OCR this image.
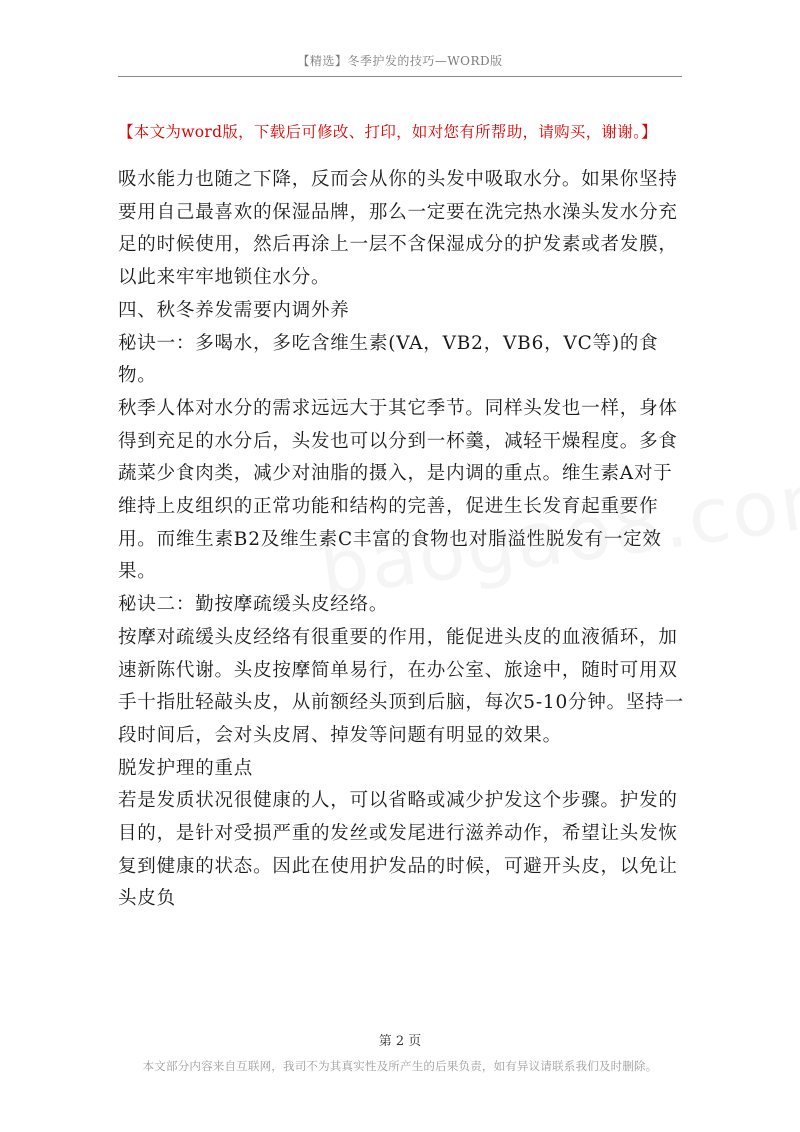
【精选】冬季护发的技巧—WORD版
【本文为word版，下载后可修改、打印，如对您有所帮助，请购买，谢谢。】

吸水能力也随之下降，反而会从你的头发中吸取水分。如果你坚持要用自己最喜欢的保湿品牌，那么一定要在洗完热水澡头发水分充足的时候使用，然后再涂上一层不含保湿成分的护发素或者发膜，以此来牢牢地锁住水分。

四、秋冬养发需要内调外养

秘诀一：多喝水，多吃含维生素(VA，VB2，VB6，VC等)的食物。

秋季人体对水分的需求远远大于其它季节。同样头发也一样，身体得到充足的水分后，头发也可以分到一杯羹，减轻干燥程度。多食蔬菜少食肉类，减少对油脂的摄入，是内调的重点。维生素A对于维持上皮组织的正常功能和结构的完善，促进生长发育起重要作用。而维生素B2及维生素C丰富的食物也对脂溢性脱发有一定效果。

秘诀二：勤按摩疏缓头皮经络。

按摩对疏缓头皮经络有很重要的作用，能促进头皮的血液循环，加速新陈代谢。头皮按摩简单易行，在办公室、旅途中，随时可用双手十指肚轻敲头皮，从前额经头顶到后脑，每次5-10分钟。坚持一段时间后，会对头皮屑、掉发等问题有明显的效果。

脱发护理的重点

若是发质状况很健康的人，可以省略或减少护发这个步骤。护发的目的，是针对受损严重的发丝或发尾进行滋养动作，希望让头发恢复到健康的状态。因此在使用护发品的时候，可避开头皮，以免让头皮负

第 2 页
本文部分内容来自互联网，我司不为其真实性及所产生的后果负责，如有异议请联系我们及时删除。
